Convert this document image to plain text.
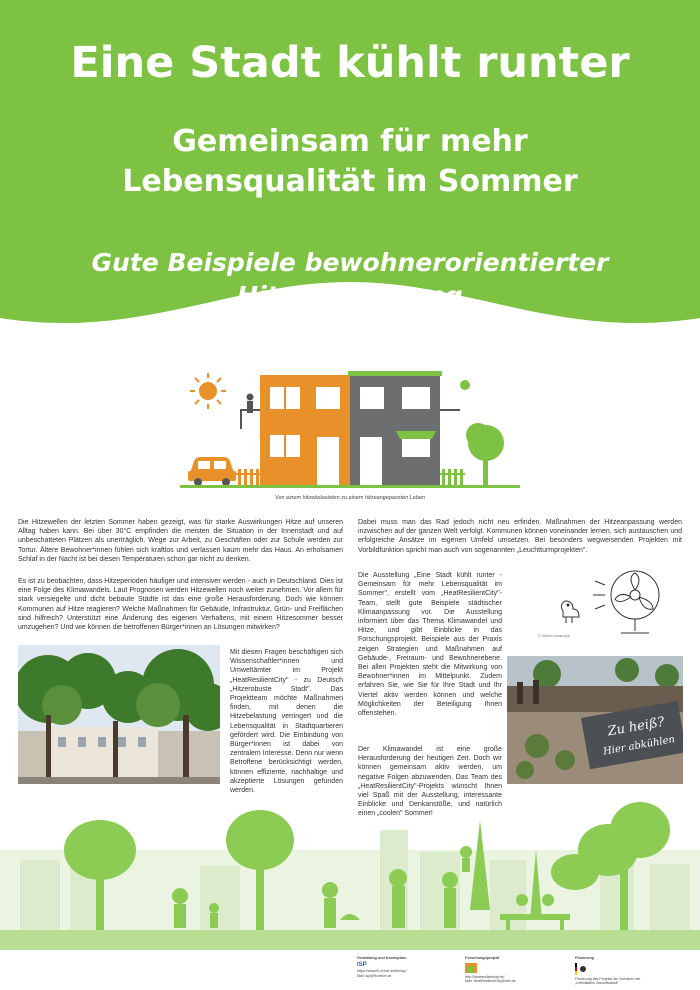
Eine Stadt kühlt runter
Gemeinsam für mehr
Lebensqualität im Sommer
Gute Beispiele bewohnerorientierter
Hitzeanpassung
Von einem hitzebelasteten zu einem hitzeangepassten Leben

Die Hitzewellen der letzten Sommer haben gezeigt, was für starke Auswirkungen Hitze auf unseren Alltag haben kann. Bei über 30°C empfinden die meisten die Situation in der Innenstadt und auf unbeschatteten Plätzen als unerträglich. Wege zur Arbeit, zu Geschäften oder zur Schule werden zur Tortur. Ältere Bewohner*innen fühlen sich kraftlos und verlassen kaum mehr das Haus. An erholsamen Schlaf in der Nacht ist bei diesen Temperaturen schon gar nicht zu denken.

Es ist zu beobachten, dass Hitzeperioden häufiger und intensiver werden - auch in Deutschland. Dies ist eine Folge des Klimawandels. Laut Prognosen werden Hitzewellen noch weiter zunehmen. Vor allem für stark versiegelte und dicht bebaute Städte ist das eine große Herausforderung. Doch wie können Kommunen auf Hitze reagieren? Welche Maßnahmen für Gebäude, Infrastruktur, Grün- und Freiflächen sind hilfreich? Unterstützt eine Änderung des eigenen Verhaltens, mit einem Hitzesommer besser umzugehen? Und wie können die betroffenen Bürger*innen an Lösungen mitwirken?

Mit diesen Fragen beschäftigen sich Wissenschaftler*innen und Umweltämter im Projekt „HeatResilientCity" - zu Deutsch „Hitzerobuste Stadt". Das Projektteam möchte Maßnahmen finden, mit denen die Hitzebelastung verringert und die Lebensqualität in Stadtquartieren gefördert wird. Die Einbindung von Bürger*innen ist dabei von zentralem Interesse. Denn nur wenn Betroffene berücksichtigt werden, können effiziente, nachhaltige und akzeptierte Lösungen gefunden werden.

Dabei muss man das Rad jedoch nicht neu erfinden. Maßnahmen der Hitzeanpassung werden inzwischen auf der ganzen Welt verfolgt. Kommunen können voneinander lernen, sich austauschen und erfolgreiche Ansätze im eigenen Umfeld umsetzen. Bei besonders wegweisenden Projekten mit Vorbildfunktion spricht man auch von sogenannten „Leuchtturmprojekten".

© Stefan Kowarczyk

Die Ausstellung „Eine Stadt kühlt runter - Gemeinsam für mehr Lebensqualität im Sommer", erstellt vom „HeatResilientCity"-Team, stellt gute Beispiele städtischer Klimaanpassung vor. Die Ausstellung informiert über das Thema Klimawandel und Hitze, und gibt Einblicke in das Forschungsprojekt. Beispiele aus der Praxis zeigen Strategien und Maßnahmen auf Gebäude-, Freiraum- und Bewohnerebene. Bei allen Projekten steht die Mitwirkung von Bewohner*innen im Mittelpunkt. Zudem erfahren Sie, wie Sie für Ihre Stadt und Ihr Viertel aktiv werden können und welche Möglichkeiten der Beteiligung Ihnen offenstehen.

Der Klimawandel ist eine große Herausforderung der heutigen Zeit. Doch wir können gemeinsam aktiv werden, um negative Folgen abzuwenden. Das Team des „HeatResilientCity"-Projekts wünscht Ihnen viel Spaß mit der Ausstellung, interessante Einblicke und Denkanstöße, und natürlich einen „coolen" Sommer!

Zu heiß?
Hier abkühlen
Gestaltung und Konzeption
ISP
https://www.fh-erfurt.de/fhe/isp/
Mail: isp@fh-erfurt.de
Forschungsprojekt
http://heatresilientcity.de/
Mail: HeatResilientCity@ioer.de
Förderung
Förderung des Projekts als Vorhaben der
„Leitinitiative Zukunftsstadt"
